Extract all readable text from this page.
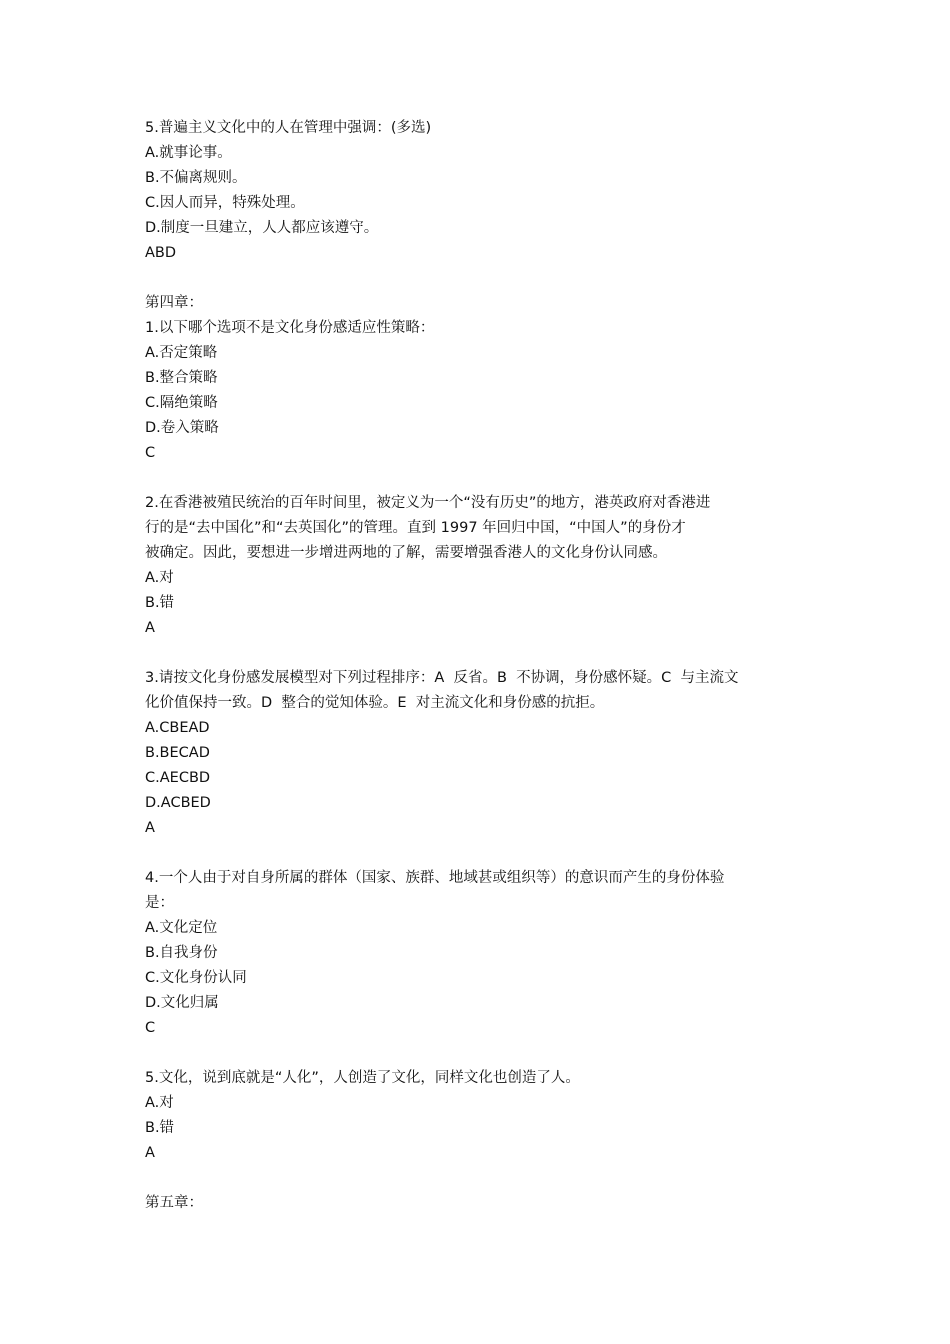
5.普遍主义文化中的人在管理中强调：(多选)

A.就事论事。

B.不偏离规则。

C.因人而异，特殊处理。

D.制度一旦建立，人人都应该遵守。

ABD

第四章：

1.以下哪个选项不是文化身份感适应性策略：

A.否定策略

B.整合策略

C.隔绝策略

D.卷入策略

C

2.在香港被殖民统治的百年时间里，被定义为一个“没有历史”的地方，港英政府对香港进

行的是“去中国化”和“去英国化”的管理。直到 1997 年回归中国，“中国人”的身份才

被确定。因此，要想进一步增进两地的了解，需要增强香港人的文化身份认同感。

A.对

B.错

A

3.请按文化身份感发展模型对下列过程排序：A  反省。B  不协调，身份感怀疑。C  与主流文

化价值保持一致。D  整合的觉知体验。E  对主流文化和身份感的抗拒。

A.CBEAD

B.BECAD

C.AECBD

D.ACBED

A

4.一个人由于对自身所属的群体（国家、族群、地域甚或组织等）的意识而产生的身份体验

是：

A.文化定位

B.自我身份

C.文化身份认同

D.文化归属

C

5.文化，说到底就是“人化”，人创造了文化，同样文化也创造了人。

A.对

B.错

A

第五章：
